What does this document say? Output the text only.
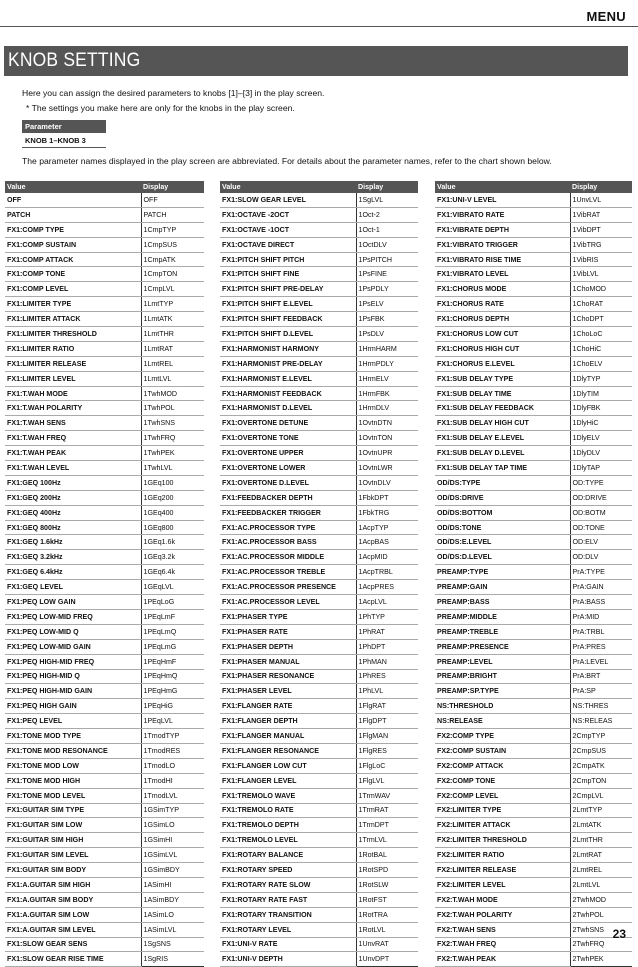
MENU
KNOB SETTING
Here you can assign the desired parameters to knobs [1]–[3] in the play screen.
* The settings you make here are only for the knobs in the play screen.
Parameter
KNOB 1–KNOB 3
The parameter names displayed in the play screen are abbreviated. For details about the parameter names, refer to the chart shown below.
Value	Display
OFF	OFF
PATCH	PATCH
FX1:COMP TYPE	1CmpTYP
FX1:COMP SUSTAIN	1CmpSUS
FX1:COMP ATTACK	1CmpATK
FX1:COMP TONE	1CmpTON
FX1:COMP LEVEL	1CmpLVL
FX1:LIMITER TYPE	1LmtTYP
FX1:LIMITER ATTACK	1LmtATK
FX1:LIMITER THRESHOLD	1LmtTHR
FX1:LIMITER RATIO	1LmtRAT
FX1:LIMITER RELEASE	1LmtREL
FX1:LIMITER LEVEL	1LmtLVL
FX1:T.WAH MODE	1TwhMOD
FX1:T.WAH POLARITY	1TwhPOL
FX1:T.WAH SENS	1TwhSNS
FX1:T.WAH FREQ	1TwhFRQ
FX1:T.WAH PEAK	1TwhPEK
FX1:T.WAH LEVEL	1TwhLVL
FX1:GEQ 100Hz	1GEq100
FX1:GEQ 200Hz	1GEq200
FX1:GEQ 400Hz	1GEq400
FX1:GEQ 800Hz	1GEq800
FX1:GEQ 1.6kHz	1GEq1.6k
FX1:GEQ 3.2kHz	1GEq3.2k
FX1:GEQ 6.4kHz	1GEq6.4k
FX1:GEQ LEVEL	1GEqLVL
FX1:PEQ LOW GAIN	1PEqLoG
FX1:PEQ LOW-MID FREQ	1PEqLmF
FX1:PEQ LOW-MID Q	1PEqLmQ
FX1:PEQ LOW-MID GAIN	1PEqLmG
FX1:PEQ HIGH-MID FREQ	1PEqHmF
FX1:PEQ HIGH-MID Q	1PEqHmQ
FX1:PEQ HIGH-MID GAIN	1PEqHmG
FX1:PEQ HIGH GAIN	1PEqHiG
FX1:PEQ LEVEL	1PEqLVL
FX1:TONE MOD TYPE	1TmodTYP
FX1:TONE MOD RESONANCE	1TmodRES
FX1:TONE MOD LOW	1TmodLO
FX1:TONE MOD HIGH	1TmodHI
FX1:TONE MOD LEVEL	1TmodLVL
FX1:GUITAR SIM TYPE	1GSimTYP
FX1:GUITAR SIM LOW	1GSimLO
FX1:GUITAR SIM HIGH	1GSimHI
FX1:GUITAR SIM LEVEL	1GSimLVL
FX1:GUITAR SIM BODY	1GSimBDY
FX1:A.GUITAR SIM HIGH	1ASimHI
FX1:A.GUITAR SIM BODY	1ASimBDY
FX1:A.GUITAR SIM LOW	1ASimLO
FX1:A.GUITAR SIM LEVEL	1ASimLVL
FX1:SLOW GEAR SENS	1SgSNS
FX1:SLOW GEAR RISE TIME	1SgRIS
Value	Display
FX1:SLOW GEAR LEVEL	1SgLVL
FX1:OCTAVE -2OCT	1Oct-2
FX1:OCTAVE -1OCT	1Oct-1
FX1:OCTAVE DIRECT	1OctDLV
FX1:PITCH SHIFT PITCH	1PsPITCH
FX1:PITCH SHIFT FINE	1PsFINE
FX1:PITCH SHIFT PRE-DELAY	1PsPDLY
FX1:PITCH SHIFT E.LEVEL	1PsELV
FX1:PITCH SHIFT FEEDBACK	1PsFBK
FX1:PITCH SHIFT D.LEVEL	1PsDLV
FX1:HARMONIST HARMONY	1HrmHARM
FX1:HARMONIST PRE-DELAY	1HrmPDLY
FX1:HARMONIST E.LEVEL	1HrmELV
FX1:HARMONIST FEEDBACK	1HrmFBK
FX1:HARMONIST D.LEVEL	1HrmDLV
FX1:OVERTONE DETUNE	1OvtnDTN
FX1:OVERTONE TONE	1OvtnTON
FX1:OVERTONE UPPER	1OvtnUPR
FX1:OVERTONE LOWER	1OvtnLWR
FX1:OVERTONE D.LEVEL	1OvtnDLV
FX1:FEEDBACKER DEPTH	1FbkDPT
FX1:FEEDBACKER TRIGGER	1FbkTRG
FX1:AC.PROCESSOR TYPE	1AcpTYP
FX1:AC.PROCESSOR BASS	1AcpBAS
FX1:AC.PROCESSOR MIDDLE	1AcpMID
FX1:AC.PROCESSOR TREBLE	1AcpTRBL
FX1:AC.PROCESSOR PRESENCE	1AcpPRES
FX1:AC.PROCESSOR LEVEL	1AcpLVL
FX1:PHASER TYPE	1PhTYP
FX1:PHASER RATE	1PhRAT
FX1:PHASER DEPTH	1PhDPT
FX1:PHASER MANUAL	1PhMAN
FX1:PHASER RESONANCE	1PhRES
FX1:PHASER LEVEL	1PhLVL
FX1:FLANGER RATE	1FlgRAT
FX1:FLANGER DEPTH	1FlgDPT
FX1:FLANGER MANUAL	1FlgMAN
FX1:FLANGER RESONANCE	1FlgRES
FX1:FLANGER LOW CUT	1FlgLoC
FX1:FLANGER LEVEL	1FlgLVL
FX1:TREMOLO WAVE	1TrmWAV
FX1:TREMOLO RATE	1TrmRAT
FX1:TREMOLO DEPTH	1TrmDPT
FX1:TREMOLO LEVEL	1TrmLVL
FX1:ROTARY BALANCE	1RotBAL
FX1:ROTARY SPEED	1RotSPD
FX1:ROTARY RATE SLOW	1RotSLW
FX1:ROTARY RATE FAST	1RotFST
FX1:ROTARY TRANSITION	1RotTRA
FX1:ROTARY LEVEL	1RotLVL
FX1:UNI-V RATE	1UnvRAT
FX1:UNI-V DEPTH	1UnvDPT
Value	Display
FX1:UNI-V LEVEL	1UnvLVL
FX1:VIBRATO RATE	1VibRAT
FX1:VIBRATE DEPTH	1VibDPT
FX1:VIBRATO TRIGGER	1VibTRG
FX1:VIBRATO RISE TIME	1VibRIS
FX1:VIBRATO LEVEL	1VibLVL
FX1:CHORUS MODE	1ChoMOD
FX1:CHORUS RATE	1ChoRAT
FX1:CHORUS DEPTH	1ChoDPT
FX1:CHORUS LOW CUT	1ChoLoC
FX1:CHORUS HIGH CUT	1ChoHiC
FX1:CHORUS E.LEVEL	1ChoELV
FX1:SUB DELAY TYPE	1DlyTYP
FX1:SUB DELAY TIME	1DlyTIM
FX1:SUB DELAY FEEDBACK	1DlyFBK
FX1:SUB DELAY HIGH CUT	1DlyHiC
FX1:SUB DELAY E.LEVEL	1DlyELV
FX1:SUB DELAY D.LEVEL	1DlyDLV
FX1:SUB DELAY TAP TIME	1DlyTAP
OD/DS:TYPE	OD:TYPE
OD/DS:DRIVE	OD:DRIVE
OD/DS:BOTTOM	OD:BOTM
OD/DS:TONE	OD:TONE
OD/DS:E.LEVEL	OD:ELV
OD/DS:D.LEVEL	OD:DLV
PREAMP:TYPE	PrA:TYPE
PREAMP:GAIN	PrA:GAIN
PREAMP:BASS	PrA:BASS
PREAMP:MIDDLE	PrA:MID
PREAMP:TREBLE	PrA:TRBL
PREAMP:PRESENCE	PrA:PRES
PREAMP:LEVEL	PrA:LEVEL
PREAMP:BRIGHT	PrA:BRT
PREAMP:SP.TYPE	PrA:SP
NS:THRESHOLD	NS:THRES
NS:RELEASE	NS:RELEAS
FX2:COMP TYPE	2CmpTYP
FX2:COMP SUSTAIN	2CmpSUS
FX2:COMP ATTACK	2CmpATK
FX2:COMP TONE	2CmpTON
FX2:COMP LEVEL	2CmpLVL
FX2:LIMITER TYPE	2LmtTYP
FX2:LIMITER ATTACK	2LmtATK
FX2:LIMITER THRESHOLD	2LmtTHR
FX2:LIMITER RATIO	2LmtRAT
FX2:LIMITER RELEASE	2LmtREL
FX2:LIMITER LEVEL	2LmtLVL
FX2:T.WAH MODE	2TwhMOD
FX2:T.WAH POLARITY	2TwhPOL
FX2:T.WAH SENS	2TwhSNS
FX2:T.WAH FREQ	2TwhFRQ
FX2:T.WAH PEAK	2TwhPEK
23
